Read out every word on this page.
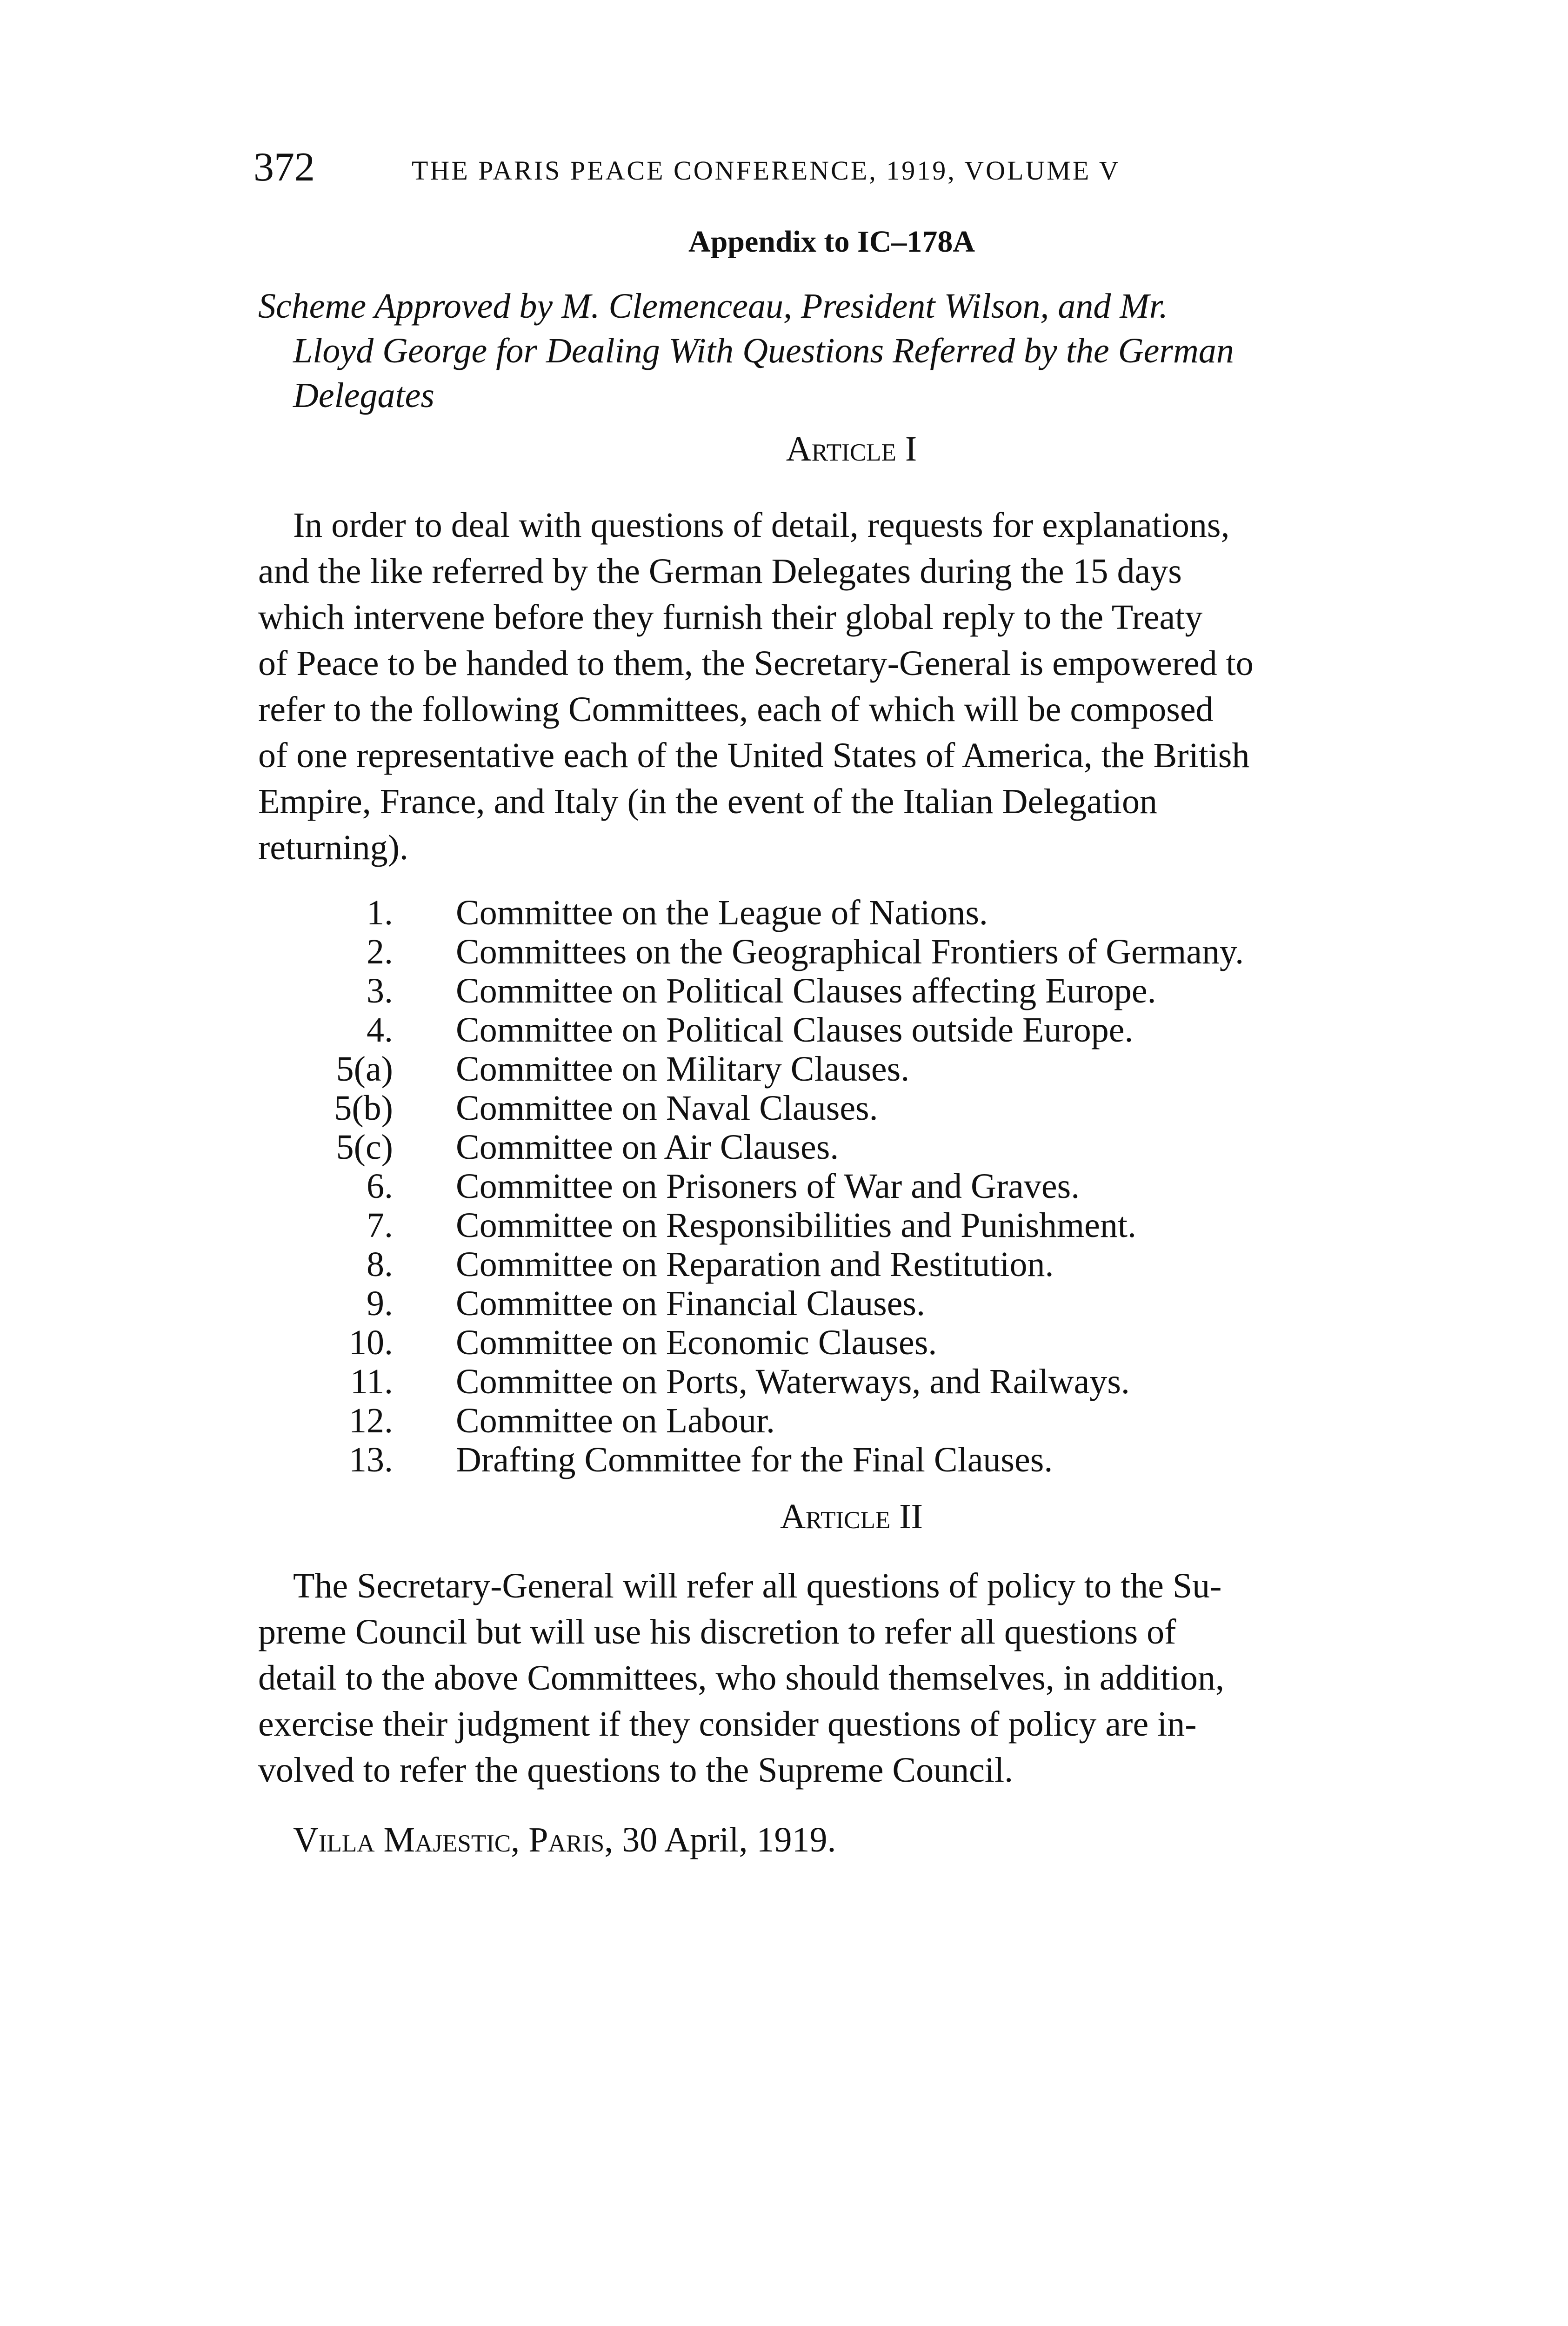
372	THE PARIS PEACE CONFERENCE, 1919, VOLUME V
Appendix to IC–178A
Scheme Approved by M. Clemenceau, President Wilson, and Mr.
Lloyd George for Dealing With Questions Referred by the German
Delegates
Article I
In order to deal with questions of detail, requests for explanations,
and the like referred by the German Delegates during the 15 days
which intervene before they furnish their global reply to the Treaty
of Peace to be handed to them, the Secretary-General is empowered to
refer to the following Committees, each of which will be composed
of one representative each of the United States of America, the British
Empire, France, and Italy (in the event of the Italian Delegation
returning).
1. Committee on the League of Nations.
2. Committees on the Geographical Frontiers of Germany.
3. Committee on Political Clauses affecting Europe.
4. Committee on Political Clauses outside Europe.
5(a) Committee on Military Clauses.
5(b) Committee on Naval Clauses.
5(c) Committee on Air Clauses.
6. Committee on Prisoners of War and Graves.
7. Committee on Responsibilities and Punishment.
8. Committee on Reparation and Restitution.
9. Committee on Financial Clauses.
10. Committee on Economic Clauses.
11. Committee on Ports, Waterways, and Railways.
12. Committee on Labour.
13. Drafting Committee for the Final Clauses.
Article II
The Secretary-General will refer all questions of policy to the Su-
preme Council but will use his discretion to refer all questions of
detail to the above Committees, who should themselves, in addition,
exercise their judgment if they consider questions of policy are in-
volved to refer the questions to the Supreme Council.
Villa Majestic, Paris, 30 April, 1919.
